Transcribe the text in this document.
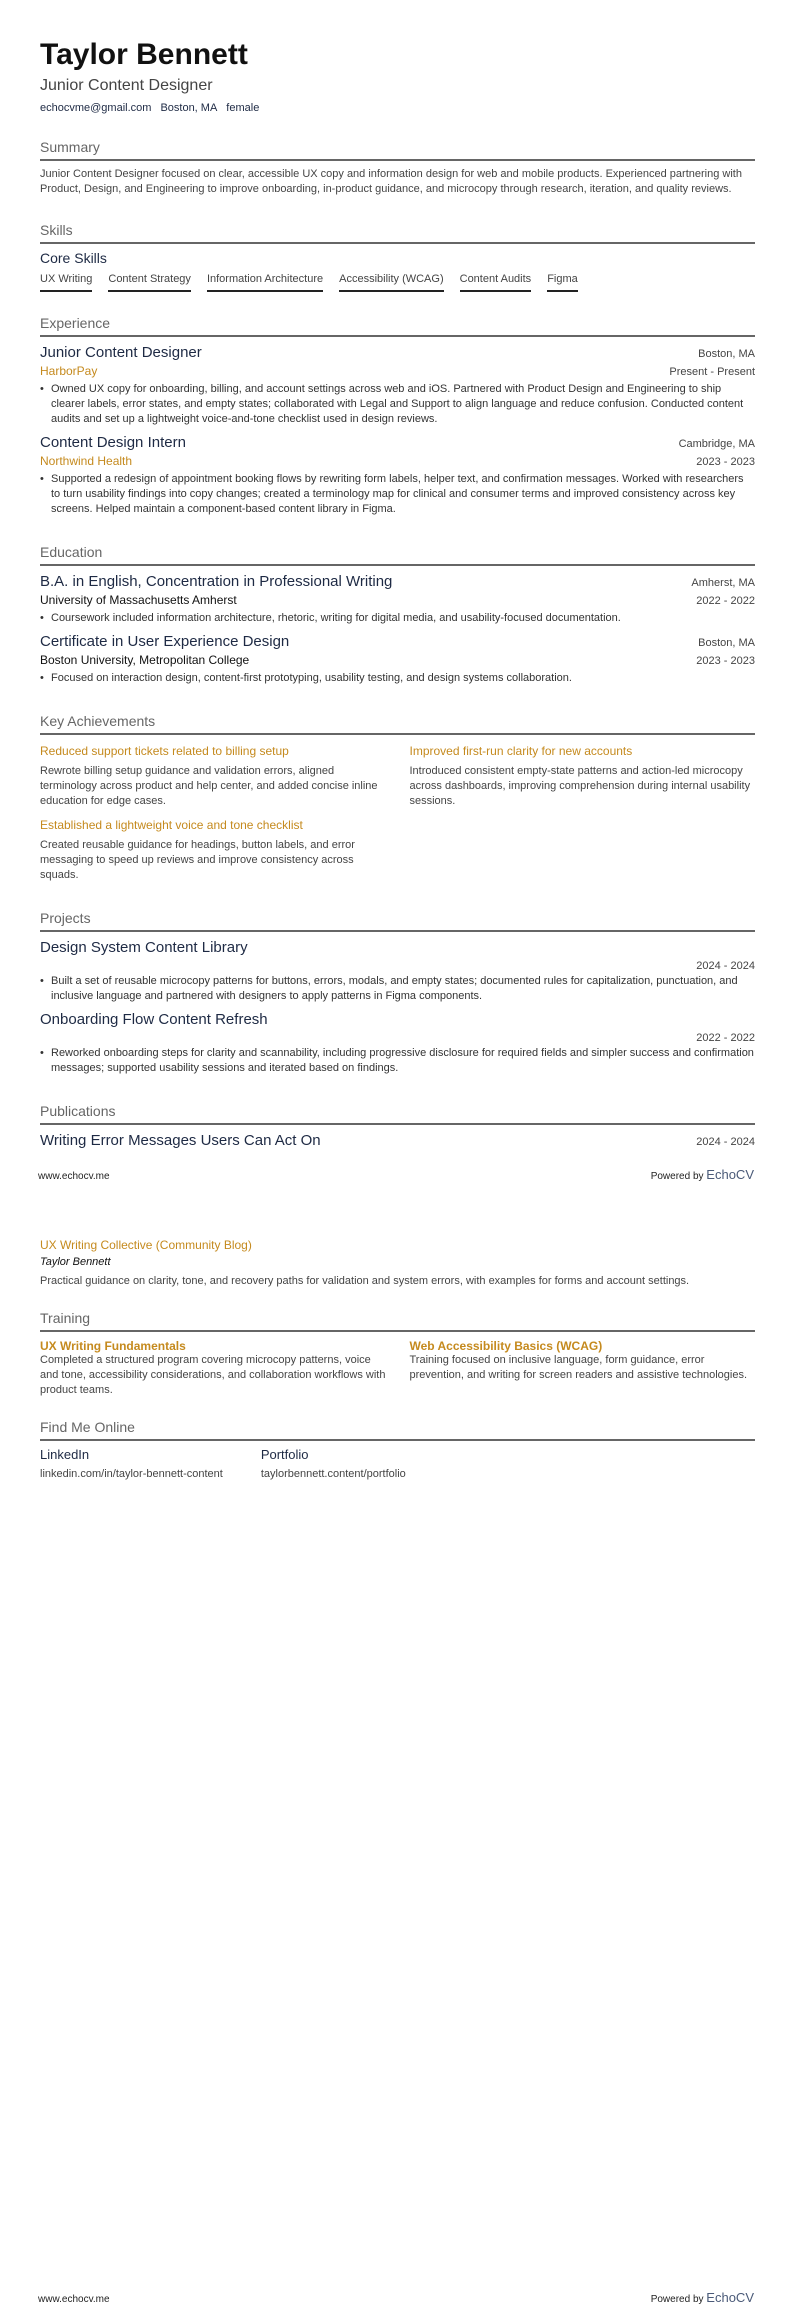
Taylor Bennett
Junior Content Designer
echocvme@gmail.com Boston, MA female
Summary
Junior Content Designer focused on clear, accessible UX copy and information design for web and mobile products. Experienced partnering with Product, Design, and Engineering to improve onboarding, in-product guidance, and microcopy through research, iteration, and quality reviews.
Skills
Core Skills
UX Writing Content Strategy Information Architecture Accessibility (WCAG) Content Audits Figma
Experience
Junior Content Designer	Boston, MA
HarborPay	Present - Present
• Owned UX copy for onboarding, billing, and account settings across web and iOS. Partnered with Product Design and Engineering to ship clearer labels, error states, and empty states; collaborated with Legal and Support to align language and reduce confusion. Conducted content audits and set up a lightweight voice-and-tone checklist used in design reviews.
Content Design Intern	Cambridge, MA
Northwind Health	2023 - 2023
• Supported a redesign of appointment booking flows by rewriting form labels, helper text, and confirmation messages. Worked with researchers to turn usability findings into copy changes; created a terminology map for clinical and consumer terms and improved consistency across key screens. Helped maintain a component-based content library in Figma.
Education
B.A. in English, Concentration in Professional Writing	Amherst, MA
University of Massachusetts Amherst	2022 - 2022
• Coursework included information architecture, rhetoric, writing for digital media, and usability-focused documentation.
Certificate in User Experience Design	Boston, MA
Boston University, Metropolitan College	2023 - 2023
• Focused on interaction design, content-first prototyping, usability testing, and design systems collaboration.
Key Achievements
Reduced support tickets related to billing setup
Rewrote billing setup guidance and validation errors, aligned terminology across product and help center, and added concise inline education for edge cases.
Improved first-run clarity for new accounts
Introduced consistent empty-state patterns and action-led microcopy across dashboards, improving comprehension during internal usability sessions.
Established a lightweight voice and tone checklist
Created reusable guidance for headings, button labels, and error messaging to speed up reviews and improve consistency across squads.
Projects
Design System Content Library
2024 - 2024
• Built a set of reusable microcopy patterns for buttons, errors, modals, and empty states; documented rules for capitalization, punctuation, and inclusive language and partnered with designers to apply patterns in Figma components.
Onboarding Flow Content Refresh
2022 - 2022
• Reworked onboarding steps for clarity and scannability, including progressive disclosure for required fields and simpler success and confirmation messages; supported usability sessions and iterated based on findings.
Publications
Writing Error Messages Users Can Act On	2024 - 2024
www.echocv.me	Powered by EchoCV
UX Writing Collective (Community Blog)
Taylor Bennett
Practical guidance on clarity, tone, and recovery paths for validation and system errors, with examples for forms and account settings.
Training
UX Writing Fundamentals
Completed a structured program covering microcopy patterns, voice and tone, accessibility considerations, and collaboration workflows with product teams.
Web Accessibility Basics (WCAG)
Training focused on inclusive language, form guidance, error prevention, and writing for screen readers and assistive technologies.
Find Me Online
LinkedIn
linkedin.com/in/taylor-bennett-content
Portfolio
taylorbennett.content/portfolio
www.echocv.me	Powered by EchoCV
